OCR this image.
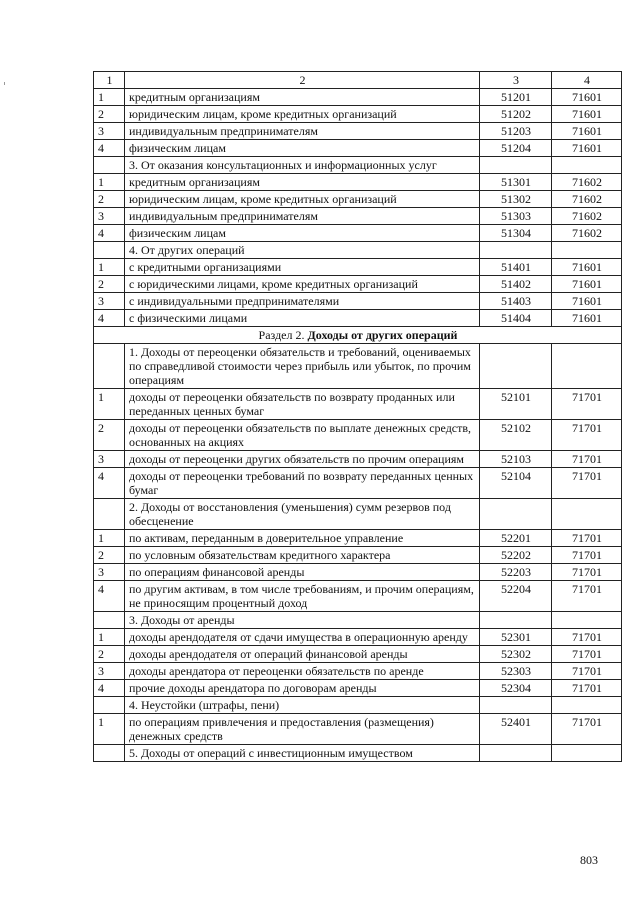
1	2	3	4
1	кредитным организациям	51201	71601
2	юридическим лицам, кроме кредитных организаций	51202	71601
3	индивидуальным предпринимателям	51203	71601
4	физическим лицам	51204	71601
	3. От оказания консультационных и информационных услуг		
1	кредитным организациям	51301	71602
2	юридическим лицам, кроме кредитных организаций	51302	71602
3	индивидуальным предпринимателям	51303	71602
4	физическим лицам	51304	71602
	4. От других операций		
1	с кредитными организациями	51401	71601
2	с юридическими лицами, кроме кредитных организаций	51402	71601
3	с индивидуальными предпринимателями	51403	71601
4	с физическими лицами	51404	71601
Раздел 2. Доходы от других операций			
	1. Доходы от переоценки обязательств и требований, оцениваемых по справедливой стоимости через прибыль или убыток, по прочим операциям		
1	доходы от переоценки обязательств по возврату проданных или переданных ценных бумаг	52101	71701
2	доходы от переоценки обязательств по выплате денежных средств, основанных на акциях	52102	71701
3	доходы от переоценки других обязательств по прочим операциям	52103	71701
4	доходы от переоценки требований по возврату переданных ценных бумаг	52104	71701
	2. Доходы от восстановления (уменьшения) сумм резервов под обесценение		
1	по активам, переданным в доверительное управление	52201	71701
2	по условным обязательствам кредитного характера	52202	71701
3	по операциям финансовой аренды	52203	71701
4	по другим активам, в том числе требованиям, и прочим операциям, не приносящим процентный доход	52204	71701
	3. Доходы от аренды		
1	доходы арендодателя от сдачи имущества в операционную аренду	52301	71701
2	доходы арендодателя от операций финансовой аренды	52302	71701
3	доходы арендатора от переоценки обязательств по аренде	52303	71701
4	прочие доходы арендатора по договорам аренды	52304	71701
	4. Неустойки (штрафы, пени)		
1	по операциям привлечения и предоставления (размещения) денежных средств	52401	71701
	5. Доходы от операций с инвестиционным имуществом		
803
